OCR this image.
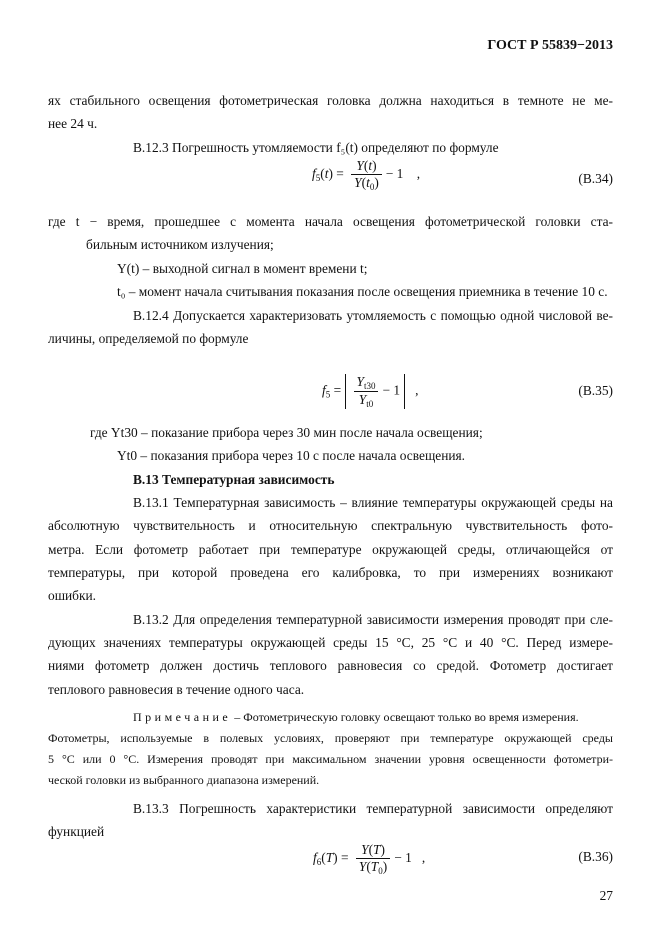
ГОСТ Р 55839−2013
ях стабильного освещения фотометрическая головка должна находиться в темноте не ме-
нее 24 ч.
В.12.3 Погрешность утомляемости f₅(t) определяют по формуле
$f_5(t) = \frac{Y(t)}{Y(t_0)} - 1$    ,	(В.34)
где t − время, прошедшее с момента начала освещения фотометрической головки ста-
бильным источником излучения;
Y(t) – выходной сигнал в момент времени t;
t₀ – момент начала считывания показания после освещения приемника в течение 10 с.
В.12.4 Допускается характеризовать утомляемость с помощью одной числовой ве-
личины, определяемой по формуле
$f_5 = \frac{Y_{t30}}{Y_{t0}} - 1$   ,	(В.35)
где Yt30 – показание прибора через 30 мин после начала освещения;
Yt0 – показания прибора через 10 с после начала освещения.
В.13 Температурная зависимость
В.13.1 Температурная зависимость – влияние температуры окружающей среды на
абсолютную чувствительность и относительную спектральную чувствительность фото-
метра. Если фотометр работает при температуре окружающей среды, отличающейся от
температуры, при которой проведена его калибровка, то при измерениях возникают
ошибки.
В.13.2 Для определения температурной зависимости измерения проводят при сле-
дующих значениях температуры окружающей среды 15 °С, 25 °С и 40 °С. Перед измере-
ниями фотометр должен достичь теплового равновесия со средой. Фотометр достигает
теплового равновесия в течение одного часа.
Примечание – Фотометрическую головку освещают только во время измерения.
Фотометры, используемые в полевых условиях, проверяют при температуре окружающей среды
5 °С или 0 °С. Измерения проводят при максимальном значении уровня освещенности фотометри-
ческой головки из выбранного диапазона измерений.
В.13.3 Погрешность характеристики температурной зависимости определяют
функцией
$f_6(T) = \frac{Y(T)}{Y(T_0)} - 1$   ,	(В.36)
27
